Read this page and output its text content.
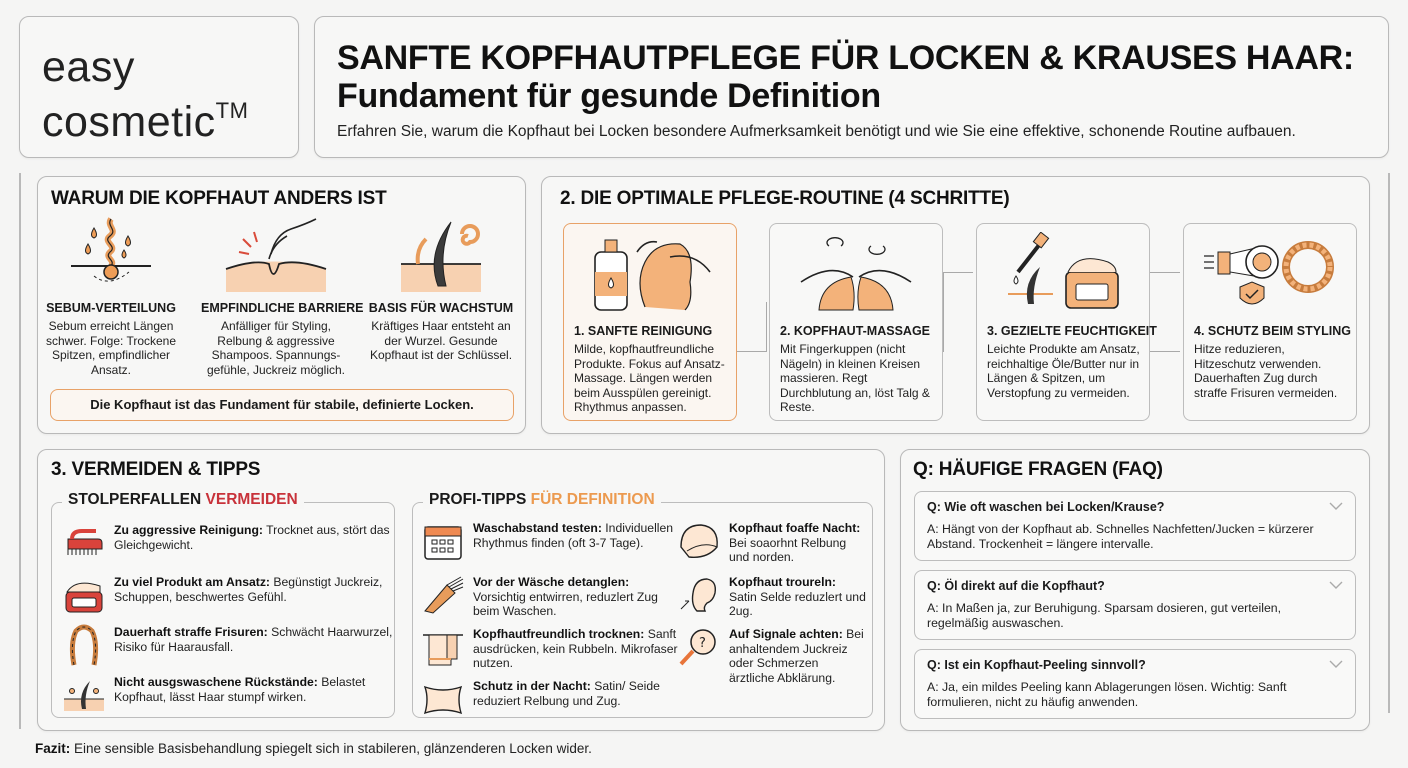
easy
cosmetic™
SANFTE KOPFHAUTPFLEGE FÜR LOCKEN & KRAUSES HAAR:
Fundament für gesunde Definition
Erfahren Sie, warum die Kopfhaut bei Locken besondere Aufmerksamkeit benötigt und wie Sie eine effektive, schonende Routine aufbauen.
WARUM DIE KOPFHAUT ANDERS IST
SEBUM-VERTEILUNG
Sebum erreicht Längen schwer. Folge: Trockene Spitzen, empfindlicher Ansatz.
EMPFINDLICHE BARRIERE
Anfälliger für Styling, Relbung & aggressive Shampoos. Spannungs-gefühle, Juckreiz möglich.
BASIS FÜR WACHSTUM
Kräftiges Haar entsteht an der Wurzel. Gesunde Kopfhaut ist der Schlüssel.
Die Kopfhaut ist das Fundament für stabile, definierte Locken.
2. DIE OPTIMALE PFLEGE-ROUTINE (4 SCHRITTE)
1. SANFTE REINIGUNG
Milde, kopfhautfreundliche Produkte. Fokus auf Ansatz-Massage. Längen werden beim Ausspülen gereinigt. Rhythmus anpassen.
2. KOPFHAUT-MASSAGE
Mit Fingerkuppen (nicht Nägeln) in kleinen Kreisen massieren. Regt Durchblutung an, löst Talg & Reste.
3. GEZIELTE FEUCHTIGKEIT
Leichte Produkte am Ansatz, reichhaltige Öle/Butter nur in Längen & Spitzen, um Verstopfung zu vermeiden.
4. SCHUTZ BEIM STYLING
Hitze reduzieren, Hitzeschutz verwenden. Dauerhaften Zug durch straffe Frisuren vermeiden.
3. VERMEIDEN & TIPPS
STOLPERFALLEN VERMEIDEN
Zu aggressive Reinigung: Trocknet aus, stört das Gleichgewicht.
Zu viel Produkt am Ansatz: Begünstigt Juckreiz, Schuppen, beschwertes Gefühl.
Dauerhaft straffe Frisuren: Schwächt Haarwurzel, Risiko für Haarausfall.
Nicht ausgswaschene Rückstände: Belastet Kopfhaut, lässt Haar stumpf wirken.
PROFI-TIPPS FÜR DEFINITION
Waschabstand testen: Individuellen Rhythmus finden (oft 3-7 Tage).
Vor der Wäsche detanglen: Vorsichtig entwirren, reduzlert Zug beim Waschen.
Kopfhautfreundlich trocknen: Sanft ausdrücken, kein Rubbeln. Mikrofaser nutzen.
Schutz in der Nacht: Satin/ Seide reduziert Relbung und Zug.
Kopfhaut foaffe Nacht: Bei soaorhnt Relbung und norden.
Kopfhaut troureln: Satin Selde reduzlert und 2ug.
?
Auf Signale achten: Bei anhaltendem Juckreiz oder Schmerzen ärztliche Abklärung.
Q: HÄUFIGE FRAGEN (FAQ)
Q: Wie oft waschen bei Locken/Krause?
A: Hängt von der Kopfhaut ab. Schnelles Nachfetten/Jucken = kürzerer Abstand. Trockenheit = längere intervalle.
Q: Öl direkt auf die Kopfhaut?
A: In Maßen ja, zur Beruhigung. Sparsam dosieren, gut verteilen, regelmäßig auswaschen.
Q: Ist ein Kopfhaut-Peeling sinnvoll?
A: Ja, ein mildes Peeling kann Ablagerungen lösen. Wichtig: Sanft formulieren, nicht zu häufig anwenden.
Fazit: Eine sensible Basisbehandlung spiegelt sich in stabileren, glänzenderen Locken wider.
